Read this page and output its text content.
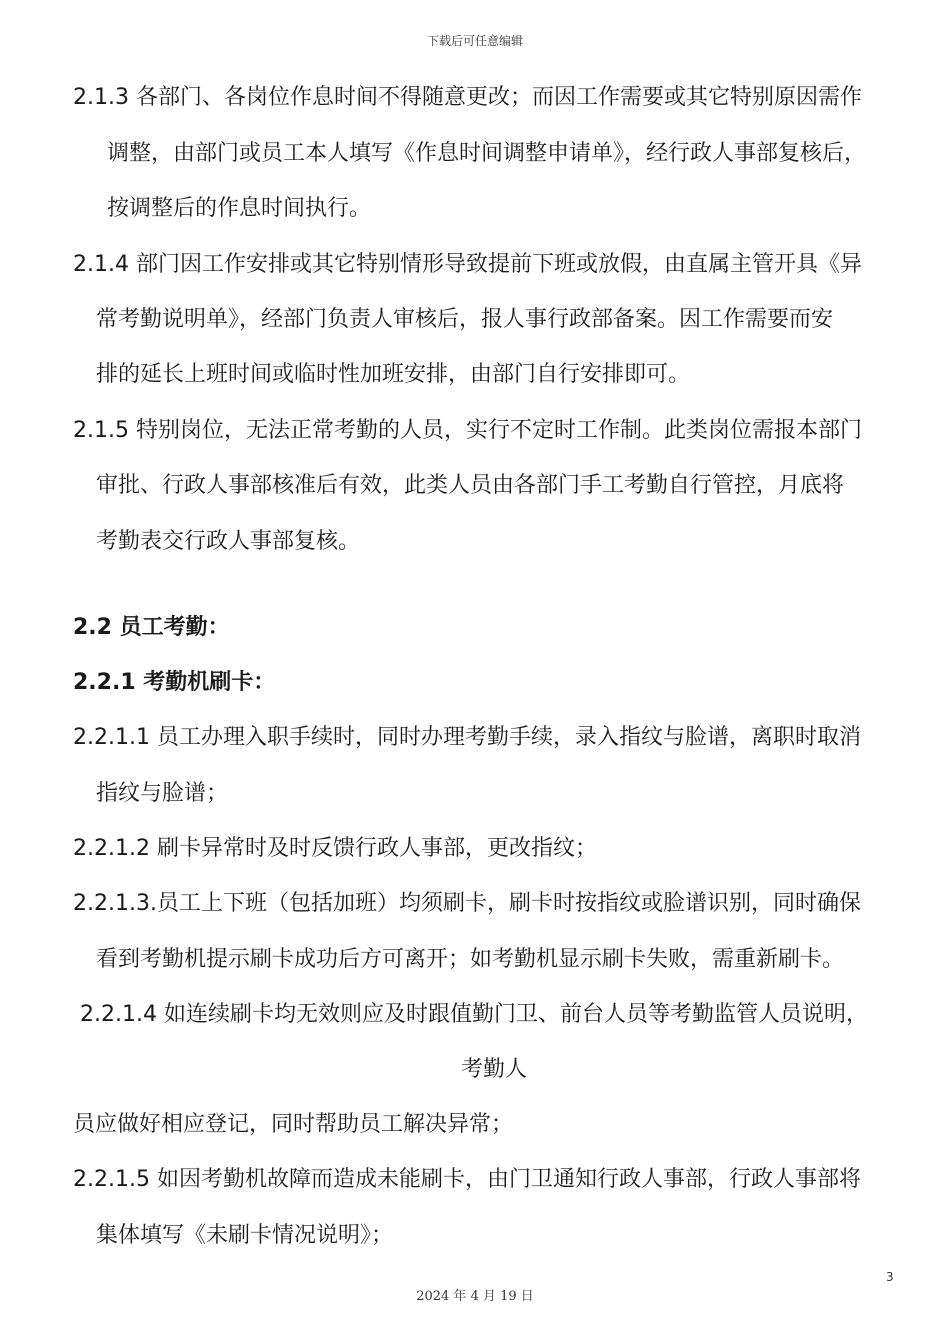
下载后可任意编辑
2.1.3 各部门、各岗位作息时间不得随意更改；而因工作需要或其它特别原因需作
调整，由部门或员工本人填写《作息时间调整申请单》，经行政人事部复核后，
按调整后的作息时间执行。
2.1.4 部门因工作安排或其它特别情形导致提前下班或放假，由直属主管开具《异
常考勤说明单》，经部门负责人审核后，报人事行政部备案。因工作需要而安
排的延长上班时间或临时性加班安排，由部门自行安排即可。
2.1.5 特别岗位，无法正常考勤的人员，实行不定时工作制。此类岗位需报本部门
审批、行政人事部核准后有效，此类人员由各部门手工考勤自行管控，月底将
考勤表交行政人事部复核。
2.2 员工考勤：
2.2.1 考勤机刷卡：
2.2.1.1 员工办理入职手续时，同时办理考勤手续，录入指纹与脸谱，离职时取消
指纹与脸谱；
2.2.1.2 刷卡异常时及时反馈行政人事部，更改指纹；
2.2.1.3.员工上下班（包括加班）均须刷卡，刷卡时按指纹或脸谱识别，同时确保
看到考勤机提示刷卡成功后方可离开；如考勤机显示刷卡失败，需重新刷卡。
2.2.1.4 如连续刷卡均无效则应及时跟值勤门卫、前台人员等考勤监管人员说明，
考勤人
员应做好相应登记，同时帮助员工解决异常；
2.2.1.5 如因考勤机故障而造成未能刷卡，由门卫通知行政人事部，行政人事部将
集体填写《未刷卡情况说明》；
3
2024 年 4 月 19 日
